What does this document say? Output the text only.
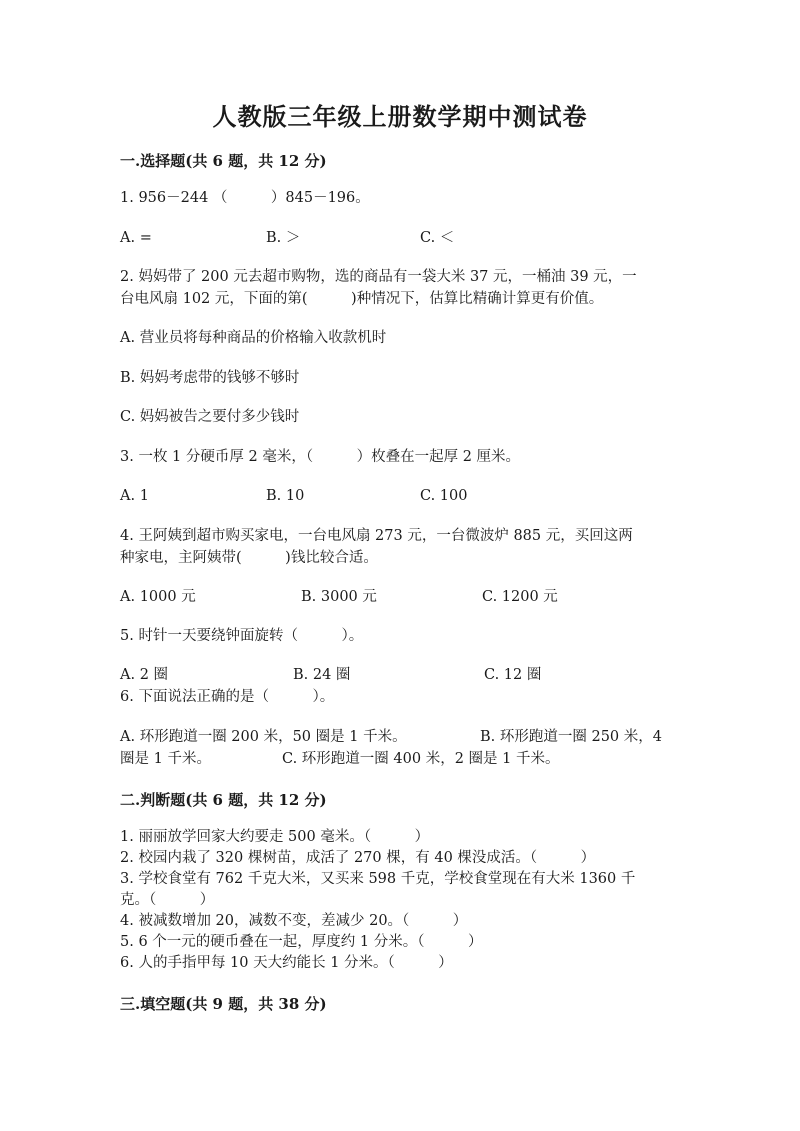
人教版三年级上册数学期中测试卷
一.选择题(共 6 题，共 12 分)
1. 956－244 （　　　）845－196。
A. =	B. ＞	C. ＜
2. 妈妈带了 200 元去超市购物，选的商品有一袋大米 37 元，一桶油 39 元，一
台电风扇 102 元，下面的第(　　　)种情况下，估算比精确计算更有价值。
A. 营业员将每种商品的价格输入收款机时
B. 妈妈考虑带的钱够不够时
C. 妈妈被告之要付多少钱时
3. 一枚 1 分硬币厚 2 毫米，（　　　）枚叠在一起厚 2 厘米。
A. 1	B. 10	C. 100
4. 王阿姨到超市购买家电，一台电风扇 273 元，一台微波炉 885 元，买回这两
种家电，主阿姨带(　　　)钱比较合适。
A. 1000 元	B. 3000 元	C. 1200 元
5. 时针一天要绕钟面旋转（　　　）。
A. 2 圈	B. 24 圈	C. 12 圈
6. 下面说法正确的是（　　　）。
A. 环形跑道一圈 200 米，50 圈是 1 千米。	B. 环形跑道一圈 250 米，4
圈是 1 千米。	C. 环形跑道一圈 400 米，2 圈是 1 千米。
二.判断题(共 6 题，共 12 分)
1. 丽丽放学回家大约要走 500 毫米。（　　　）
2. 校园内栽了 320 棵树苗，成活了 270 棵，有 40 棵没成活。（　　　）
3. 学校食堂有 762 千克大米，又买来 598 千克，学校食堂现在有大米 1360 千
克。（　　　）
4. 被减数增加 20，减数不变，差减少 20。（　　　）
5. 6 个一元的硬币叠在一起，厚度约 1 分米。（　　　）
6. 人的手指甲每 10 天大约能长 1 分米。（　　　）
三.填空题(共 9 题，共 38 分)
